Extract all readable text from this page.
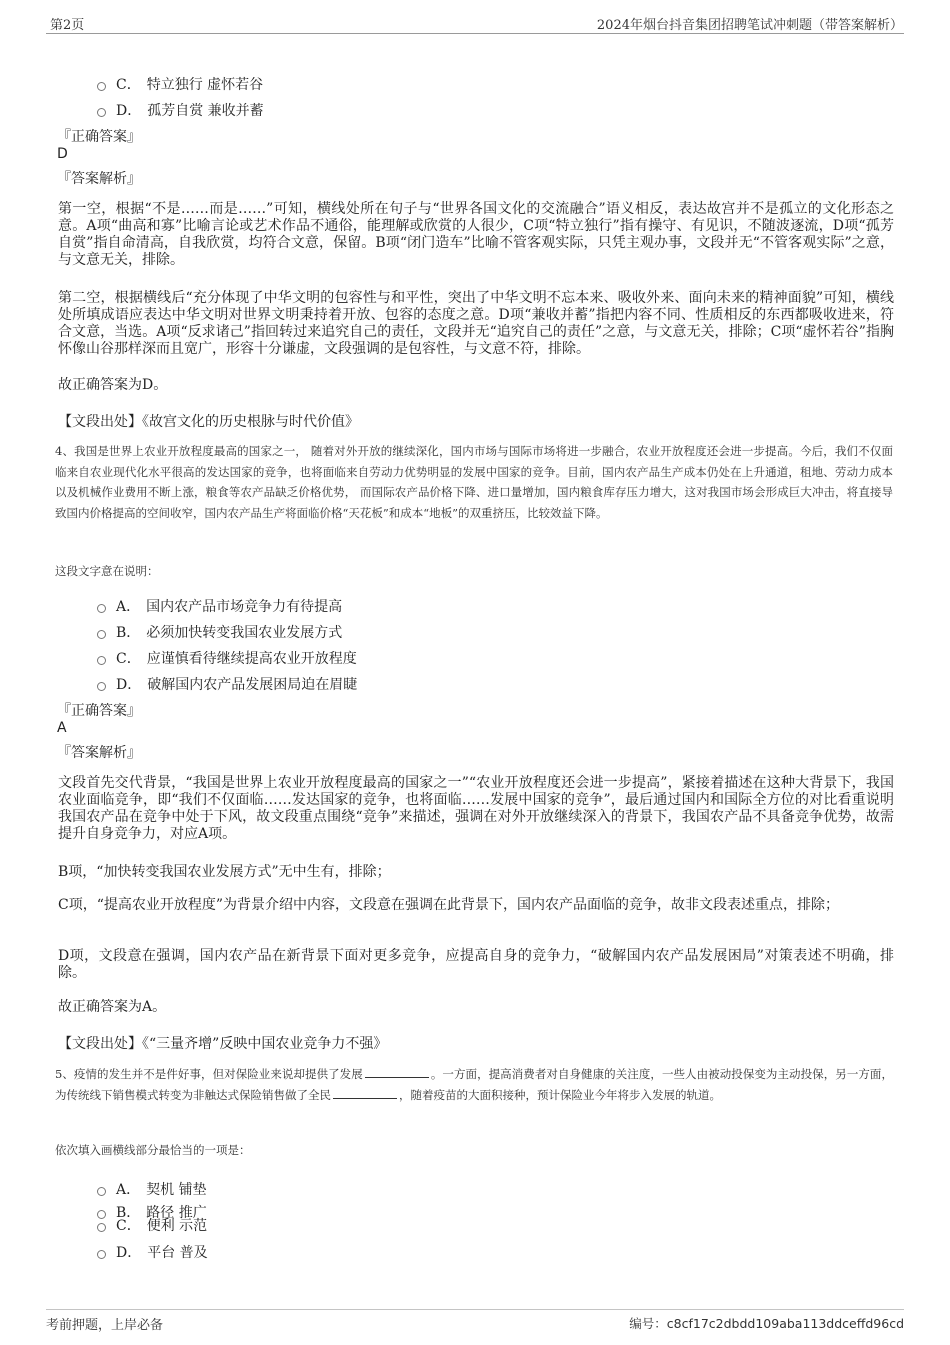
第2页	2024年烟台抖音集团招聘笔试冲刺题（带答案解析）
C． 特立独行 虚怀若谷
D． 孤芳自赏 兼收并蓄
『正确答案』
D
『答案解析』
第一空，根据“不是……而是……”可知，横线处所在句子与“世界各国文化的交流融合”语义相反，表达故宫并不是孤立的文化形态之意。A项“曲高和寡”比喻言论或艺术作品不通俗，能理解或欣赏的人很少，C项“特立独行”指有操守、有见识，不随波逐流，D项“孤芳自赏”指自命清高，自我欣赏，均符合文意，保留。B项“闭门造车”比喻不管客观实际，只凭主观办事，文段并无“不管客观实际”之意，与文意无关，排除。
第二空，根据横线后“充分体现了中华文明的包容性与和平性，突出了中华文明不忘本来、吸收外来、面向未来的精神面貌”可知，横线处所填成语应表达中华文明对世界文明秉持着开放、包容的态度之意。D项“兼收并蓄”指把内容不同、性质相反的东西都吸收进来，符合文意，当选。A项“反求诸己”指回转过来追究自己的责任，文段并无“追究自己的责任”之意，与文意无关，排除；C项“虚怀若谷”指胸怀像山谷那样深而且宽广，形容十分谦虚，文段强调的是包容性，与文意不符，排除。
故正确答案为D。
【文段出处】《故宫文化的历史根脉与时代价值》
4、我国是世界上农业开放程度最高的国家之一， 随着对外开放的继续深化，国内市场与国际市场将进一步融合，农业开放程度还会进一步提高。今后，我们不仅面临来自农业现代化水平很高的发达国家的竞争，也将面临来自劳动力优势明显的发展中国家的竞争。目前，国内农产品生产成本仍处在上升通道，租地、劳动力成本以及机械作业费用不断上涨，粮食等农产品缺乏价格优势， 而国际农产品价格下降、进口量增加，国内粮食库存压力增大，这对我国市场会形成巨大冲击，将直接导致国内价格提高的空间收窄，国内农产品生产将面临价格“天花板”和成本“地板”的双重挤压，比较效益下降。
这段文字意在说明：
A． 国内农产品市场竞争力有待提高
B． 必须加快转变我国农业发展方式
C． 应谨慎看待继续提高农业开放程度
D． 破解国内农产品发展困局迫在眉睫
『正确答案』
A
『答案解析』
文段首先交代背景，“我国是世界上农业开放程度最高的国家之一”“农业开放程度还会进一步提高”，紧接着描述在这种大背景下，我国农业面临竞争，即“我们不仅面临……发达国家的竞争，也将面临……发展中国家的竞争”，最后通过国内和国际全方位的对比看重说明我国农产品在竞争中处于下风，故文段重点围绕“竞争”来描述，强调在对外开放继续深入的背景下，我国农产品不具备竞争优势，故需提升自身竞争力，对应A项。
B项，“加快转变我国农业发展方式”无中生有，排除；
C项，“提高农业开放程度”为背景介绍中内容，文段意在强调在此背景下，国内农产品面临的竞争，故非文段表述重点，排除；
D项，文段意在强调，国内农产品在新背景下面对更多竞争，应提高自身的竞争力，“破解国内农产品发展困局”对策表述不明确，排除。
故正确答案为A。
【文段出处】《“三量齐增”反映中国农业竞争力不强》
5、疫情的发生并不是件好事，但对保险业来说却提供了发展	。一方面，提高消费者对自身健康的关注度，一些人由被动投保变为主动投保，另一方面，为传统线下销售模式转变为非触达式保险销售做了全民	，随着疫苗的大面积接种，预计保险业今年将步入发展的轨道。
依次填入画横线部分最恰当的一项是：
A． 契机 铺垫
B． 路径 推广
C． 便利 示范
D． 平台 普及
考前押题，上岸必备	编号：c8cf17c2dbdd109aba113ddceffd96cd
